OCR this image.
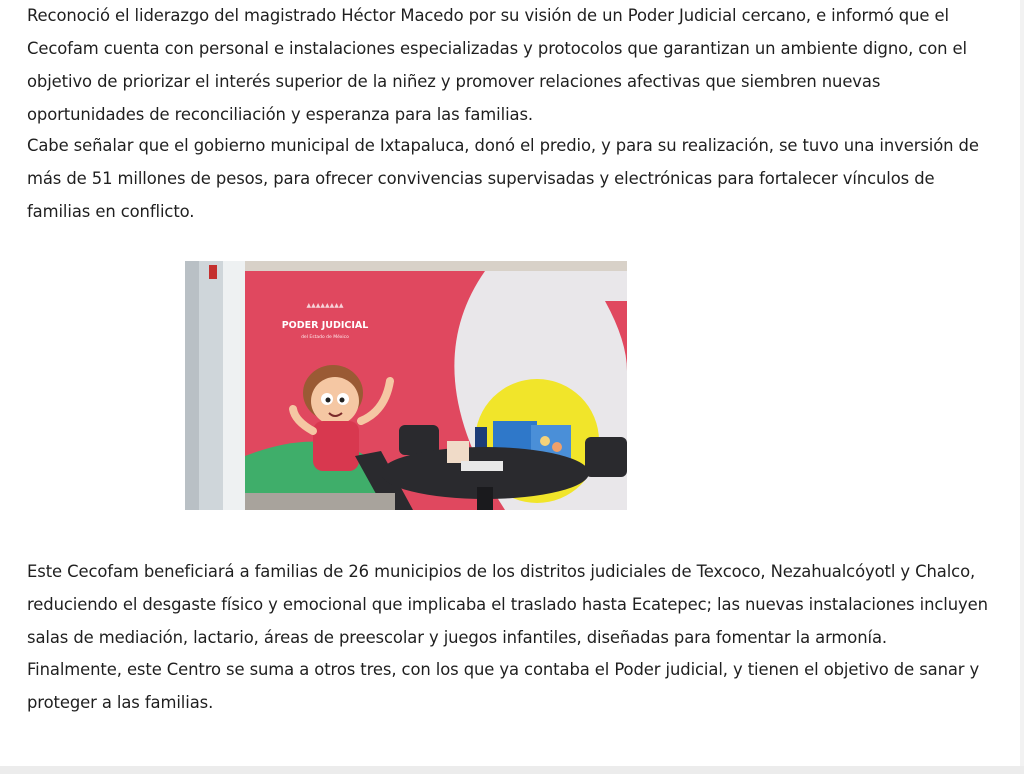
Reconoció el liderazgo del magistrado Héctor Macedo por su visión de un Poder Judicial cercano, e informó que el Cecofam cuenta con personal e instalaciones especializadas y protocolos que garantizan un ambiente digno, con el objetivo de priorizar el interés superior de la niñez y promover relaciones afectivas que siembren nuevas oportunidades de reconciliación y esperanza para las familias.

Cabe señalar que el gobierno municipal de Ixtapaluca, donó el predio, y para su realización, se tuvo una inversión de más de 51 millones de pesos, para ofrecer convivencias supervisadas y electrónicas para fortalecer vínculos de familias en conflicto.

Este Cecofam beneficiará a familias de 26 municipios de los distritos judiciales de Texcoco, Nezahualcóyotl y Chalco, reduciendo el desgaste físico y emocional que implicaba el traslado hasta Ecatepec; las nuevas instalaciones incluyen salas de mediación, lactario, áreas de preescolar y juegos infantiles, diseñadas para fomentar la armonía.

Finalmente, este Centro se suma a otros tres, con los que ya contaba el Poder judicial, y tienen el objetivo de sanar y proteger a las familias.

▲▲▲▲▲▲▲▲
PODER JUDICIAL
del Estado de México
